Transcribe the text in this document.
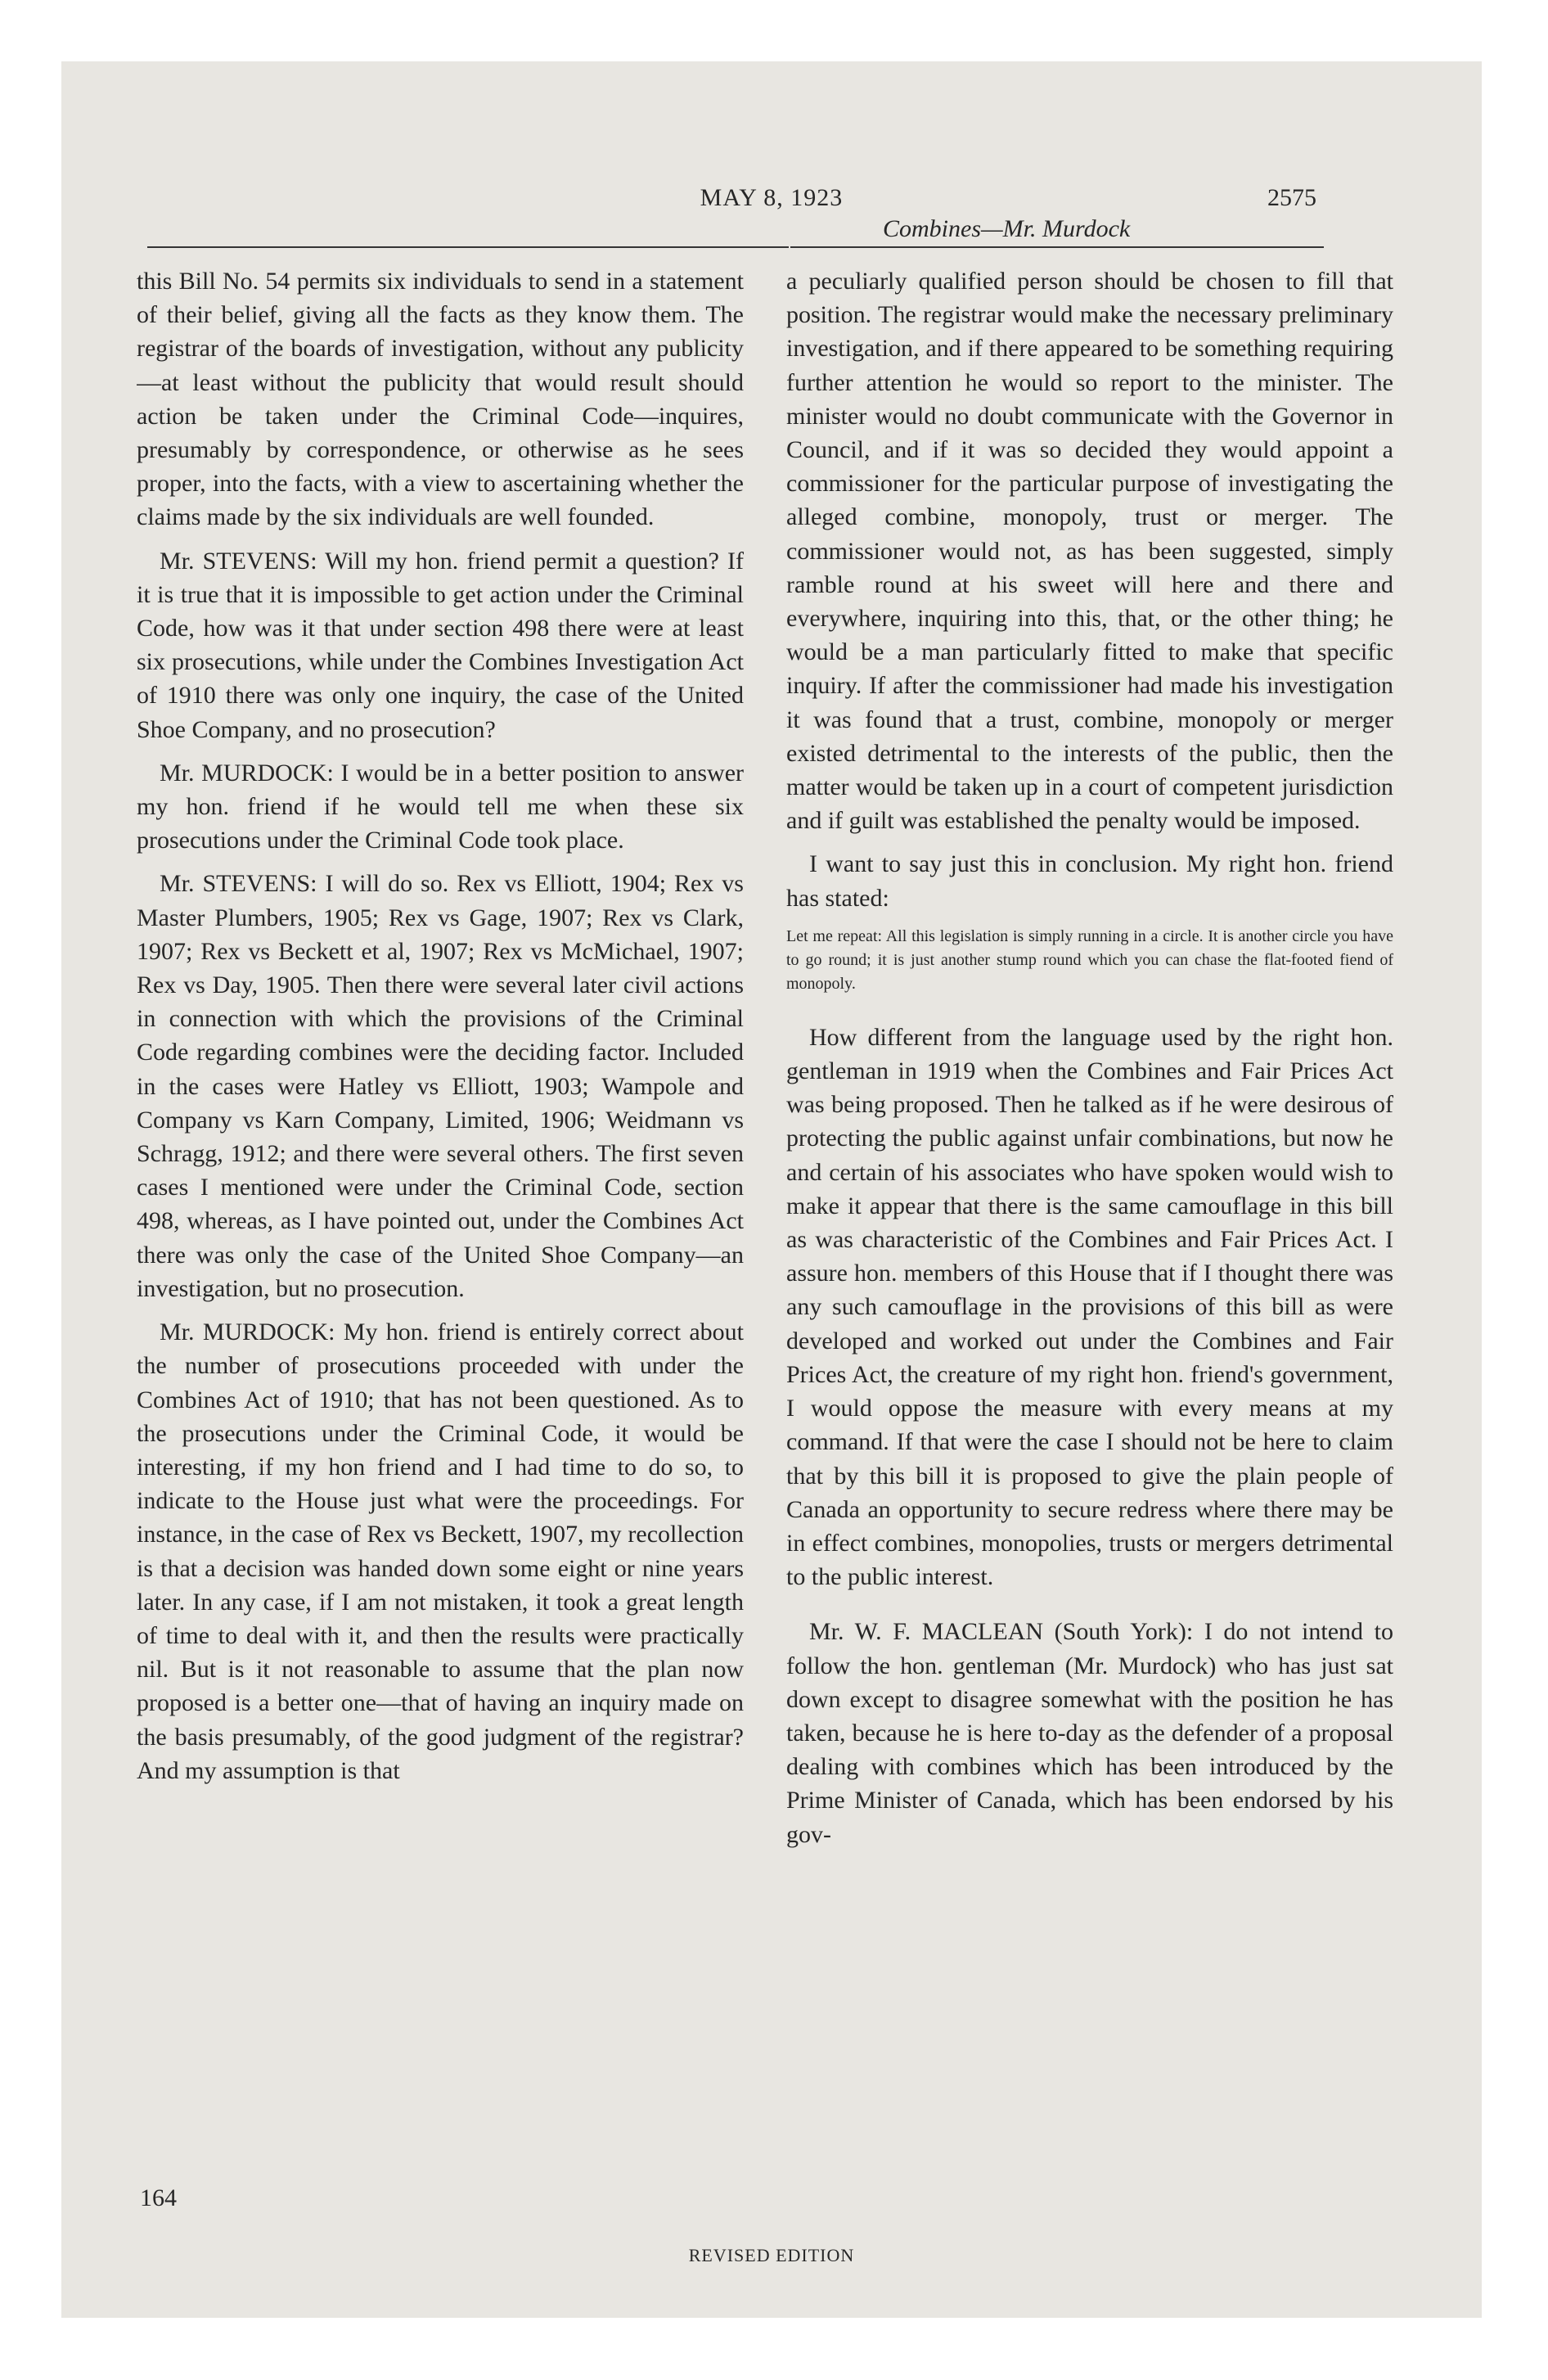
MAY 8, 1923	2575
Combines—Mr. Murdock

this Bill No. 54 permits six individuals to send in a statement of their belief, giving all the facts as they know them. The registrar of the boards of investigation, without any publicity—at least without the publicity that would result should action be taken under the Criminal Code—inquires, presumably by correspondence, or otherwise as he sees proper, into the facts, with a view to ascertaining whether the claims made by the six individuals are well founded.

Mr. STEVENS: Will my hon. friend permit a question? If it is true that it is impossible to get action under the Criminal Code, how was it that under section 498 there were at least six prosecutions, while under the Combines Investigation Act of 1910 there was only one inquiry, the case of the United Shoe Company, and no prosecution?

Mr. MURDOCK: I would be in a better position to answer my hon. friend if he would tell me when these six prosecutions under the Criminal Code took place.

Mr. STEVENS: I will do so. Rex vs Elliott, 1904; Rex vs Master Plumbers, 1905; Rex vs Gage, 1907; Rex vs Clark, 1907; Rex vs Beckett et al, 1907; Rex vs McMichael, 1907; Rex vs Day, 1905. Then there were several later civil actions in connection with which the provisions of the Criminal Code regarding combines were the deciding factor. Included in the cases were Hatley vs Elliott, 1903; Wampole and Company vs Karn Company, Limited, 1906; Weidmann vs Schragg, 1912; and there were several others. The first seven cases I mentioned were under the Criminal Code, section 498, whereas, as I have pointed out, under the Combines Act there was only the case of the United Shoe Company—an investigation, but no prosecution.

Mr. MURDOCK: My hon. friend is entirely correct about the number of prosecutions proceeded with under the Combines Act of 1910; that has not been questioned. As to the prosecutions under the Criminal Code, it would be interesting, if my hon friend and I had time to do so, to indicate to the House just what were the proceedings. For instance, in the case of Rex vs Beckett, 1907, my recollection is that a decision was handed down some eight or nine years later. In any case, if I am not mistaken, it took a great length of time to deal with it, and then the results were practically nil. But is it not reasonable to assume that the plan now proposed is a better one—that of having an inquiry made on the basis presumably, of the good judgment of the registrar? And my assumption is that

164

a peculiarly qualified person should be chosen to fill that position. The registrar would make the necessary preliminary investigation, and if there appeared to be something requiring further attention he would so report to the minister. The minister would no doubt communicate with the Governor in Council, and if it was so decided they would appoint a commissioner for the particular purpose of investigating the alleged combine, monopoly, trust or merger. The commissioner would not, as has been suggested, simply ramble round at his sweet will here and there and everywhere, inquiring into this, that, or the other thing; he would be a man particularly fitted to make that specific inquiry. If after the commissioner had made his investigation it was found that a trust, combine, monopoly or merger existed detrimental to the interests of the public, then the matter would be taken up in a court of competent jurisdiction and if guilt was established the penalty would be imposed.

I want to say just this in conclusion. My right hon. friend has stated:

Let me repeat: All this legislation is simply running in a circle. It is another circle you have to go round; it is just another stump round which you can chase the flat-footed fiend of monopoly.

How different from the language used by the right hon. gentleman in 1919 when the Combines and Fair Prices Act was being proposed. Then he talked as if he were desirous of protecting the public against unfair combinations, but now he and certain of his associates who have spoken would wish to make it appear that there is the same camouflage in this bill as was characteristic of the Combines and Fair Prices Act. I assure hon. members of this House that if I thought there was any such camouflage in the provisions of this bill as were developed and worked out under the Combines and Fair Prices Act, the creature of my right hon. friend's government, I would oppose the measure with every means at my command. If that were the case I should not be here to claim that by this bill it is proposed to give the plain people of Canada an opportunity to secure redress where there may be in effect combines, monopolies, trusts or mergers detrimental to the public interest.

Mr. W. F. MACLEAN (South York): I do not intend to follow the hon. gentleman (Mr. Murdock) who has just sat down except to disagree somewhat with the position he has taken, because he is here to-day as the defender of a proposal dealing with combines which has been introduced by the Prime Minister of Canada, which has been endorsed by his gov-

REVISED EDITION
